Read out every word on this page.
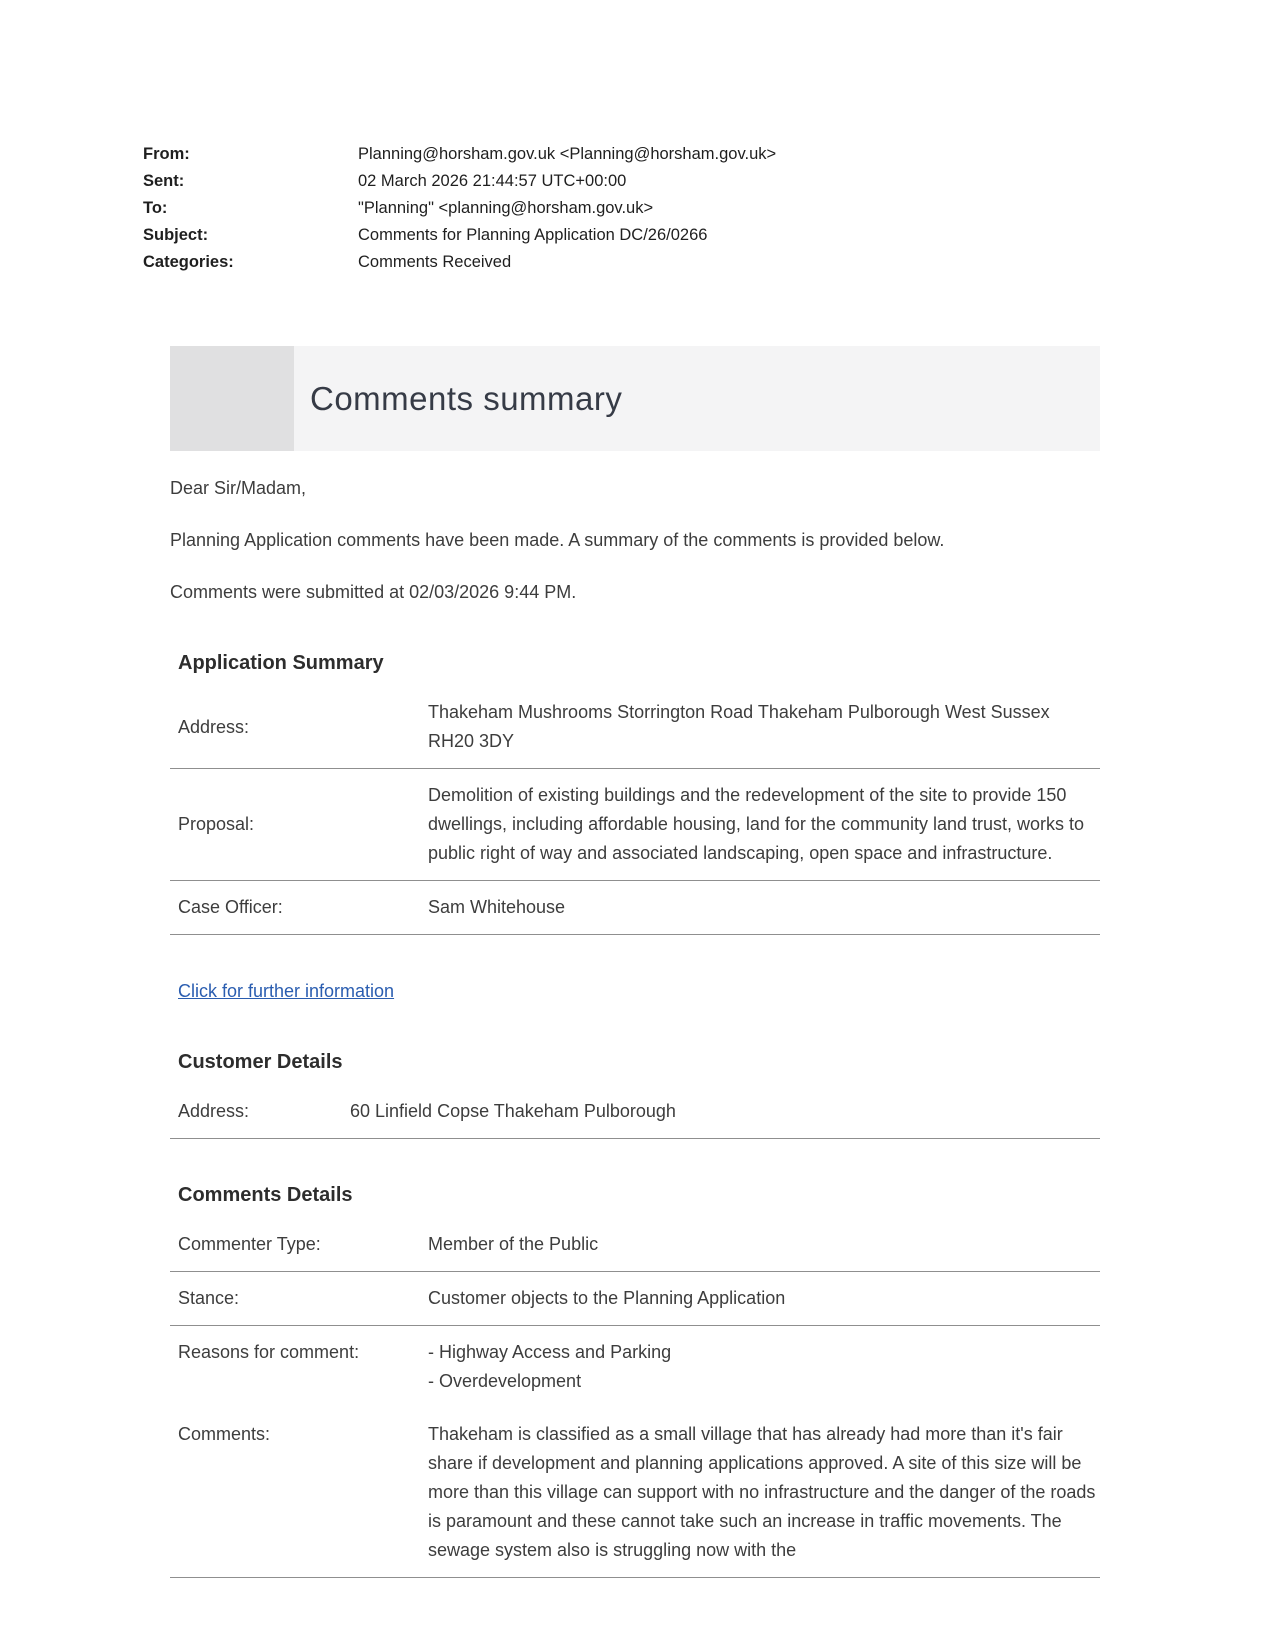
From:	Planning@horsham.gov.uk <Planning@horsham.gov.uk>
Sent:	02 March 2026 21:44:57 UTC+00:00
To:	"Planning" <planning@horsham.gov.uk>
Subject:	Comments for Planning Application DC/26/0266
Categories:	Comments Received
Comments summary

Dear Sir/Madam,

Planning Application comments have been made. A summary of the comments is provided below.

Comments were submitted at 02/03/2026 9:44 PM.

Application Summary
Address:	Thakeham Mushrooms Storrington Road Thakeham Pulborough West Sussex RH20 3DY
Proposal:	Demolition of existing buildings and the redevelopment of the site to provide 150 dwellings, including affordable housing, land for the community land trust, works to public right of way and associated landscaping, open space and infrastructure.
Case Officer:	Sam Whitehouse
Click for further information
Customer Details
Address:	60 Linfield Copse Thakeham Pulborough
Comments Details
Commenter Type:	Member of the Public
Stance:	Customer objects to the Planning Application
Reasons for comment:	- Highway Access and Parking
- Overdevelopment

Comments:	Thakeham is classified as a small village that has already had more than it's fair share if development and planning applications approved. A site of this size will be more than this village can support with no infrastructure and the danger of the roads is paramount and these cannot take such an increase in traffic movements. The sewage system also is struggling now with the
